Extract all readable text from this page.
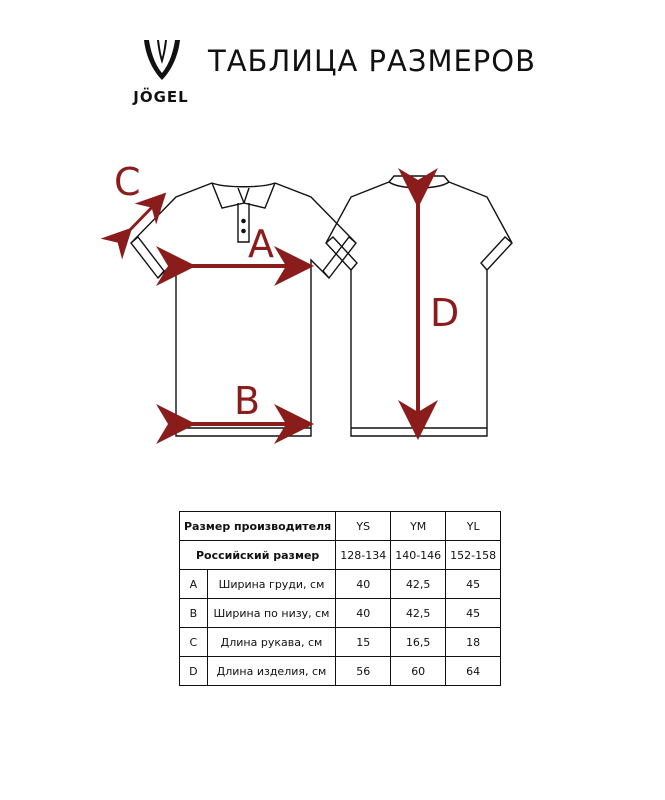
JÖGEL
ТАБЛИЦА РАЗМЕРОВ
A
B
C
D
Размер производителя		YS	YM	YL
Российский размер		128-134	140-146	152-158
A	Ширина груди, см	40	42,5	45
B	Ширина по низу, см	40	42,5	45
C	Длина рукава, см	15	16,5	18
D	Длина изделия, см	56	60	64
